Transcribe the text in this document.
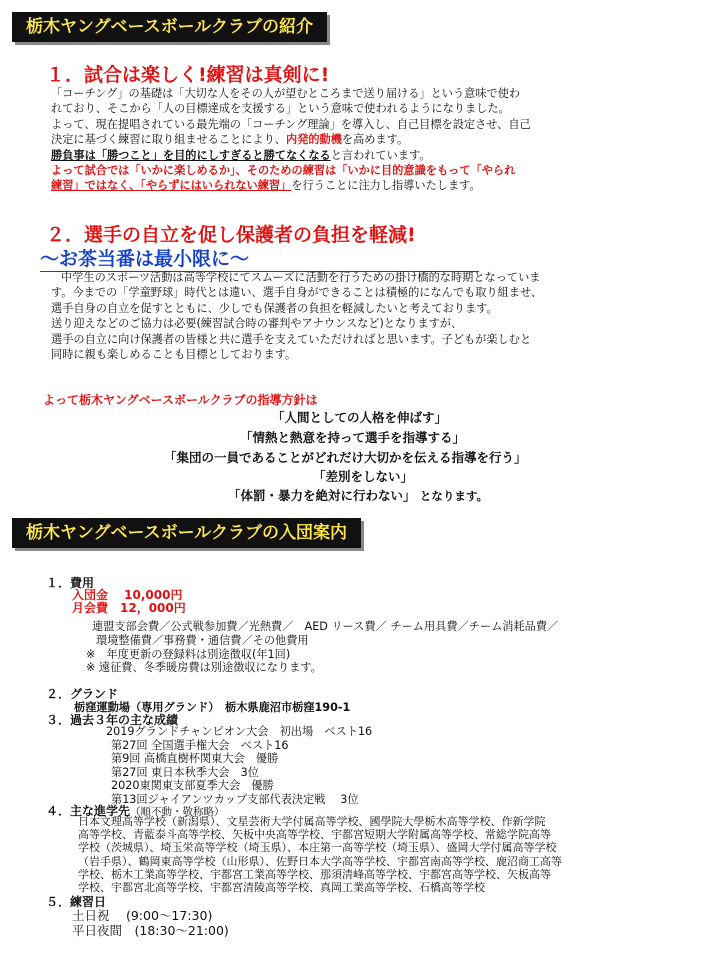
栃木ヤングベースボールクラブの紹介
１．試合は楽しく!練習は真剣に!
「コーチング」の基礎は「大切な人をその人が望むところまで送り届ける」という意味で使わ
れており、そこから「人の目標達成を支援する」という意味で使われるようになりました。
よって、現在提唱されている最先端の「コーチング理論」を導入し、自己目標を設定させ、自己
決定に基づく練習に取り組ませることにより、内発的動機を高めます。
勝負事は「勝つこと」を目的にしすぎると勝てなくなると言われています。
よって試合では「いかに楽しめるか」、そのための練習は「いかに目的意識をもって「やられ
練習」ではなく、「やらずにはいられない練習」を行うことに注力し指導いたします。
２．選手の自立を促し保護者の負担を軽減!
～お茶当番は最小限に～
中学生のスポーツ活動は高等学校にてスムーズに活動を行うための掛け橋的な時期となっていま
す。今までの「学童野球」時代とは違い、選手自身ができることは積極的になんでも取り組ませ、
選手自身の自立を促すとともに、少しでも保護者の負担を軽減したいと考えております。
送り迎えなどのご協力は必要(練習試合時の審判やアナウンスなど)となりますが、
選手の自立に向け保護者の皆様と共に選手を支えていただければと思います。子どもが楽しむと
同時に親も楽しめることも目標としております。
よって栃木ヤングベースボールクラブの指導方針は
「人間としての人格を伸ばす」
「情熱と熱意を持って選手を指導する」
「集団の一員であることがどれだけ大切かを伝える指導を行う」
「差別をしない」
「体罰・暴力を絶対に行わない」 となります。
栃木ヤングベースボールクラブの入団案内
１．費用
入団金　 10,000円
月会費　12，000円
連盟支部会費／公式戦参加費／光熱費／　AED リース費／ チーム用具費／チーム消耗品費／
環境整備費／事務費・通信費／その他費用
※　年度更新の登録料は別途徴収(年1回)
※ 遠征費、冬季暖房費は別途徴収になります。
２．グランド
栃窪運動場（専用グランド）　栃木県鹿沼市栃窪190-1
３．過去３年の主な成績
2019グランドチャンピオン大会　初出場　ベスト16
第27回 全国選手権大会　ベスト16
第9回 高橋直樹杯関東大会　優勝
第27回 東日本秋季大会　3位
2020東関東支部夏季大会　優勝
第13回ジャイアンツカップ支部代表決定戦　 3位
４．主な進学先（順不動・敬称略）
日本文理高等学校（新潟県）、文星芸術大学付属高等学校、國學院大學栃木高等学校、作新学院
高等学校、青藍泰斗高等学校、矢板中央高等学校、宇都宮短期大学附属高等学校、常総学院高等
学校（茨城県）、埼玉栄高等学校（埼玉県）、本庄第一高等学校（埼玉県）、盛岡大学付属高等学校
（岩手県）、鶴岡東高等学校（山形県）、佐野日本大学高等学校、宇都宮南高等学校、鹿沼商工高等
学校、栃木工業高等学校、宇都宮工業高等学校、那須清峰高等学校、宇都宮高等学校、矢板高等
学校、宇都宮北高等学校、宇都宮清陵高等学校、真岡工業高等学校、石橋高等学校
５．練習日
土日祝　 (9:00～17:30)
平日夜間　(18:30～21:00)
